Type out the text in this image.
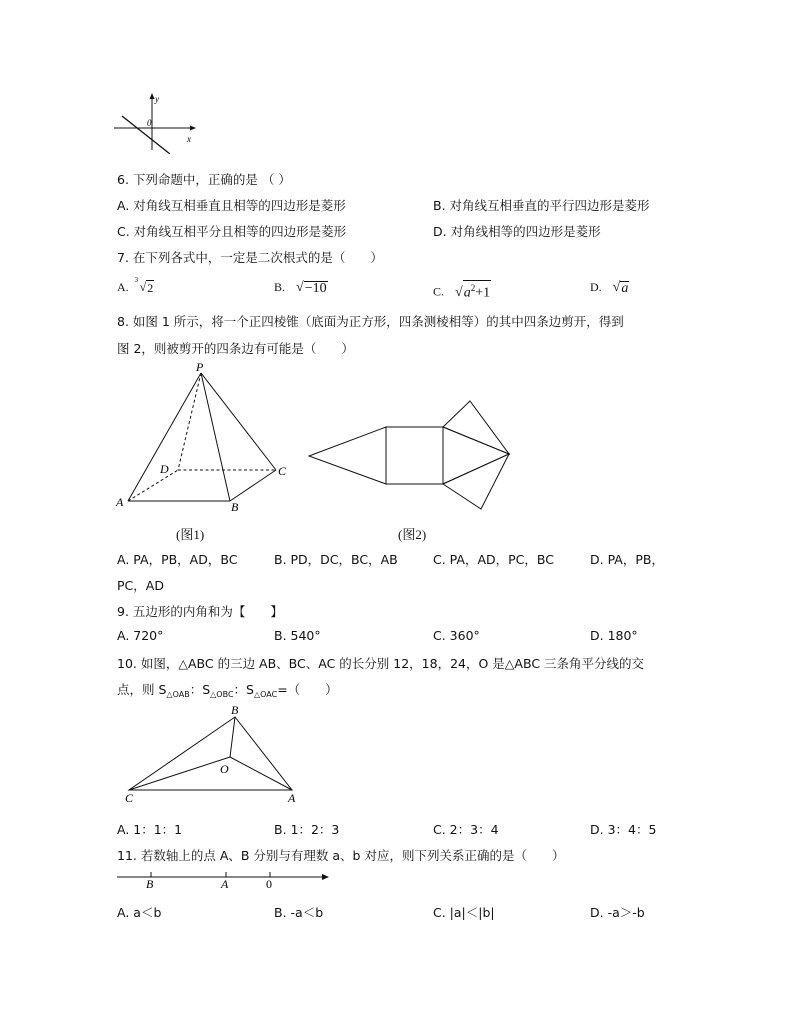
y
0
x
6. 下列命题中，正确的是 （ ）
A. 对角线互相垂直且相等的四边形是菱形	B. 对角线互相垂直的平行四边形是菱形
C. 对角线互相平分且相等的四边形是菱形	D. 对角线相等的四边形是菱形
7. 在下列各式中，一定是二次根式的是（　　）
A. 3 √ 2	B. √ −10	C. √ $a^2+1$	D. √ a
8. 如图 1 所示，将一个正四棱锥（底面为正方形，四条测棱相等）的其中四条边剪开，得到
图 2，则被剪开的四条边有可能是（　　）
P
D	C
A	B
(图1)	(图2)
A. PA，PB，AD，BC	B. PD，DC，BC，AB	C. PA，AD，PC，BC	D. PA，PB，
PC，AD
9. 五边形的内角和为【　　】
A. 720°	B. 540°	C. 360°	D. 180°
10. 如图，△ABC 的三边 AB、BC、AC 的长分别 12，18，24，O 是△ABC 三条角平分线的交
点，则 $S_{\triangle OAB}$：$S_{\triangle OBC}$：$S_{\triangle OAC}=$（　　）
B
O
C	A
A. 1：1：1	B. 1：2：3	C. 2：3：4	D. 3：4：5
11. 若数轴上的点 A、B 分别与有理数 a、b 对应，则下列关系正确的是（　　）
B	A	0
A. a＜b	B. -a＜b	C. |a|＜|b|	D. -a＞-b
